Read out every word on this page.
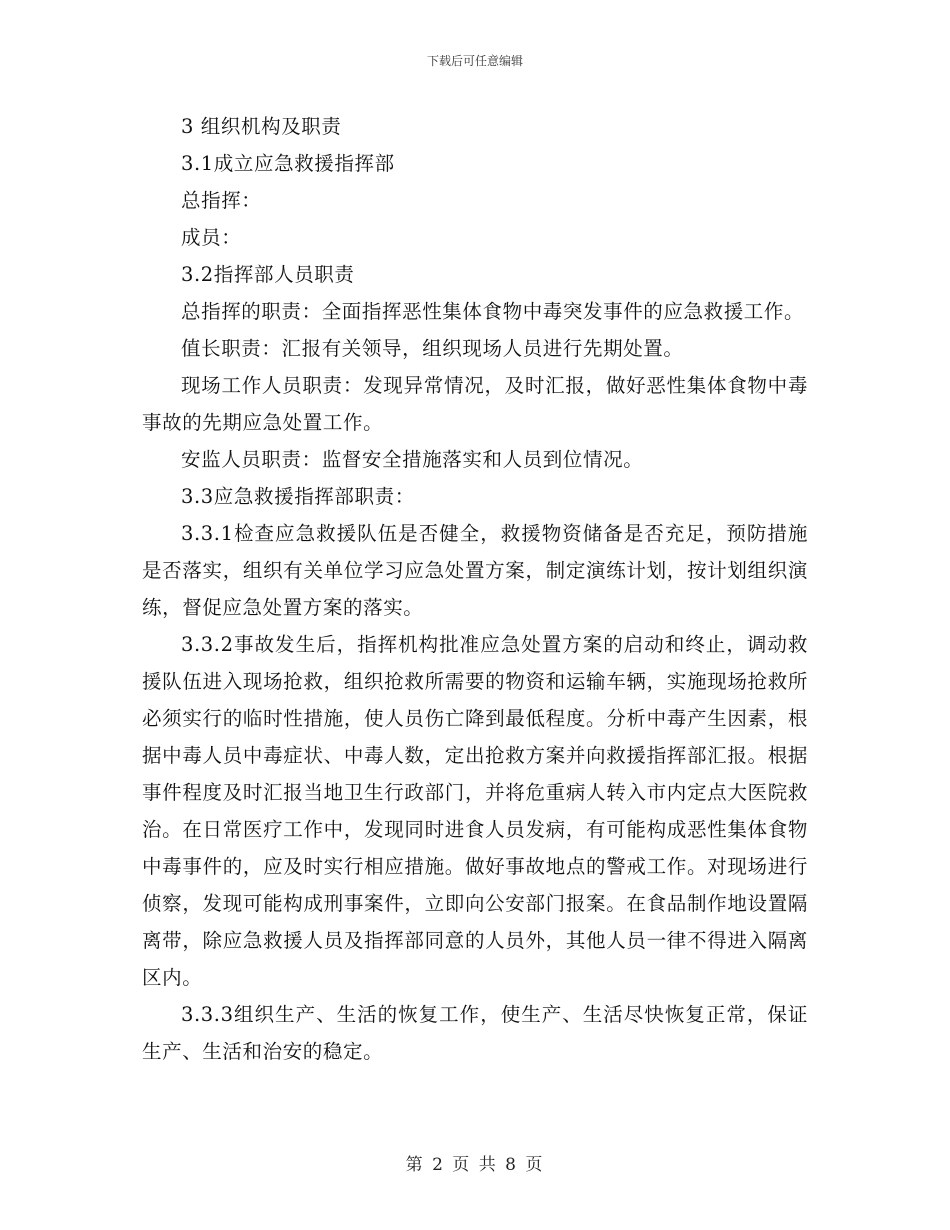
下载后可任意编辑

3 组织机构及职责

3.1成立应急救援指挥部

总指挥：

成员：

3.2指挥部人员职责

总指挥的职责：全面指挥恶性集体食物中毒突发事件的应急救援工作。

值长职责：汇报有关领导，组织现场人员进行先期处置。

现场工作人员职责：发现异常情况，及时汇报，做好恶性集体食物中毒事故的先期应急处置工作。

安监人员职责：监督安全措施落实和人员到位情况。

3.3应急救援指挥部职责：

3.3.1检查应急救援队伍是否健全，救援物资储备是否充足，预防措施是否落实，组织有关单位学习应急处置方案，制定演练计划，按计划组织演练，督促应急处置方案的落实。

3.3.2事故发生后，指挥机构批准应急处置方案的启动和终止，调动救援队伍进入现场抢救，组织抢救所需要的物资和运输车辆，实施现场抢救所必须实行的临时性措施，使人员伤亡降到最低程度。分析中毒产生因素，根据中毒人员中毒症状、中毒人数，定出抢救方案并向救援指挥部汇报。根据事件程度及时汇报当地卫生行政部门，并将危重病人转入市内定点大医院救治。在日常医疗工作中，发现同时进食人员发病，有可能构成恶性集体食物中毒事件的，应及时实行相应措施。做好事故地点的警戒工作。对现场进行侦察，发现可能构成刑事案件，立即向公安部门报案。在食品制作地设置隔离带，除应急救援人员及指挥部同意的人员外，其他人员一律不得进入隔离区内。

3.3.3组织生产、生活的恢复工作，使生产、生活尽快恢复正常，保证生产、生活和治安的稳定。

第 2 页 共 8 页
